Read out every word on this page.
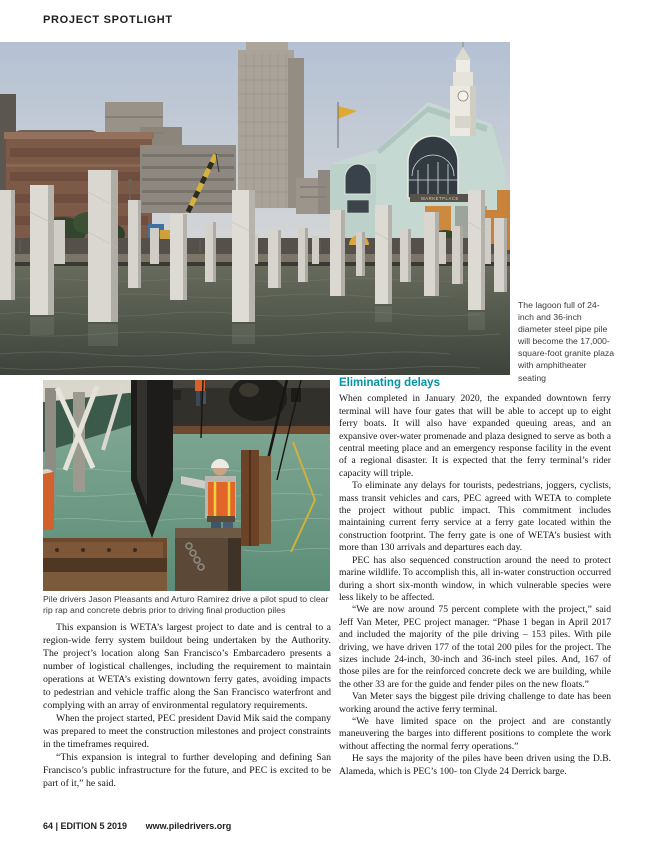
PROJECT SPOTLIGHT
MARKETPLACE
The lagoon full of 24-inch and 36-inch diameter steel pipe pile will become the 17,000-square-foot granite plaza with amphitheater seating
Pile drivers Jason Pleasants and Arturo Ramirez drive a pilot spud to clear rip rap and concrete debris prior to driving final production piles

This expansion is WETA’s largest project to date and is central to a region-wide ferry system buildout being undertaken by the Authority. The project’s location along San Francisco’s Embarcadero presents a number of logistical challenges, including the requirement to maintain operations at WETA’s existing downtown ferry gates, avoiding impacts to pedestrian and vehicle traffic along the San Francisco waterfront and complying with an array of environmental regulatory requirements.

When the project started, PEC president David Mik said the company was prepared to meet the construction milestones and project constraints in the timeframes required.

“This expansion is integral to further developing and defining San Francisco’s public infrastructure for the future, and PEC is excited to be part of it,” he said.

Eliminating delays

When completed in January 2020, the expanded downtown ferry terminal will have four gates that will be able to accept up to eight ferry boats. It will also have expanded queuing areas, and an expansive over-water promenade and plaza designed to serve as both a central meeting place and an emergency response facility in the event of a regional disaster. It is expected that the ferry terminal’s rider capacity will triple.

To eliminate any delays for tourists, pedestrians, joggers, cyclists, mass transit vehicles and cars, PEC agreed with WETA to complete the project without public impact. This commitment includes maintaining current ferry service at a ferry gate located within the construction footprint. The ferry gate is one of WETA’s busiest with more than 130 arrivals and departures each day.

PEC has also sequenced construction around the need to protect marine wildlife. To accomplish this, all in-water construction occurred during a short six-month window, in which vulnerable species were less likely to be affected.

“We are now around 75 percent complete with the project,” said Jeff Van Meter, PEC project manager. “Phase 1 began in April 2017 and included the majority of the pile driving – 153 piles. With pile driving, we have driven 177 of the total 200 piles for the project. The sizes include 24-inch, 30-inch and 36-inch steel piles. And, 167 of those piles are for the reinforced concrete deck we are building, while the other 33 are for the guide and fender piles on the new floats.”

Van Meter says the biggest pile driving challenge to date has been working around the active ferry terminal.

“We have limited space on the project and are constantly maneuvering the barges into different positions to complete the work without affecting the normal ferry operations.”

He says the majority of the piles have been driven using the D.B. Alameda, which is PEC’s 100- ton Clyde 24 Derrick barge.

64 | EDITION 5 2019 www.piledrivers.org
